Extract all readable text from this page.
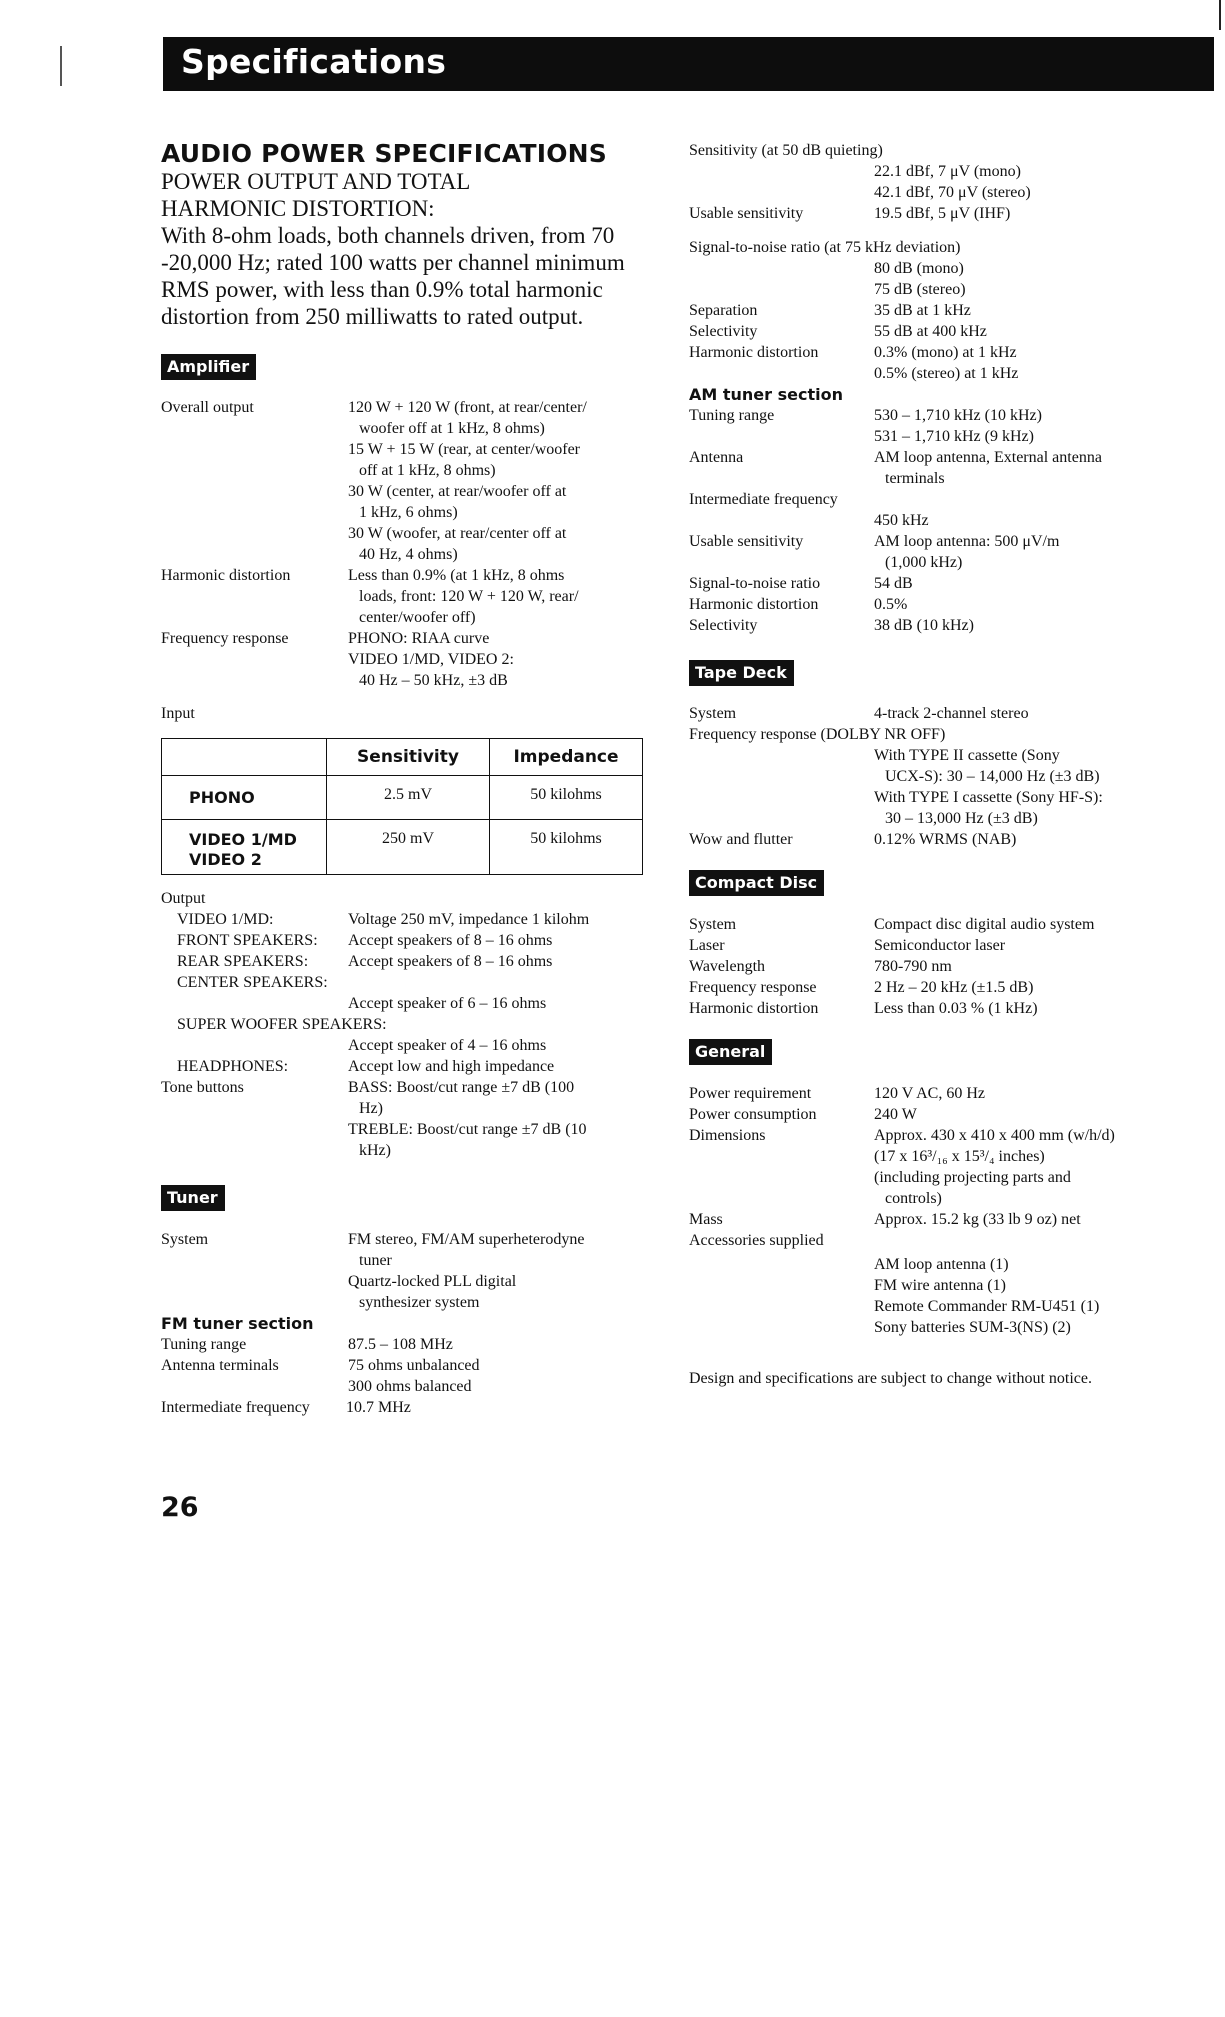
Specifications
AUDIO POWER SPECIFICATIONS
POWER OUTPUT AND TOTAL
HARMONIC DISTORTION:
With 8-ohm loads, both channels driven, from 70 -20,000 Hz; rated 100 watts per channel minimum RMS power, with less than 0.9% total harmonic distortion from 250 milliwatts to rated output.
Amplifier
Overall output	120 W + 120 W (front, at rear/center/
woofer off at 1 kHz, 8 ohms)
15 W + 15 W (rear, at center/woofer
off at 1 kHz, 8 ohms)
30 W (center, at rear/woofer off at
1 kHz, 6 ohms)
30 W (woofer, at rear/center off at
40 Hz, 4 ohms)
Harmonic distortion	Less than 0.9% (at 1 kHz, 8 ohms
loads, front: 120 W + 120 W, rear/
center/woofer off)
Frequency response	PHONO: RIAA curve
VIDEO 1/MD, VIDEO 2:
40 Hz – 50 kHz, ±3 dB
Input
	Sensitivity	Impedance
PHONO	2.5 mV	50 kilohms

VIDEO 1/MD
VIDEO 2	250 mV	50 kilohms
Output
VIDEO 1/MD:	Voltage 250 mV, impedance 1 kilohm
FRONT SPEAKERS: Accept speakers of 8 – 16 ohms
REAR SPEAKERS: Accept speakers of 8 – 16 ohms
CENTER SPEAKERS:
Accept speaker of 6 – 16 ohms
SUPER WOOFER SPEAKERS:
Accept speaker of 4 – 16 ohms
HEADPHONES:	Accept low and high impedance
Tone buttons	BASS: Boost/cut range ±7 dB (100
Hz)
TREBLE: Boost/cut range ±7 dB (10
kHz)
Tuner
System	FM stereo, FM/AM superheterodyne
tuner
Quartz-locked PLL digital
synthesizer system
FM tuner section
Tuning range	87.5 – 108 MHz
Antenna terminals	75 ohms unbalanced
300 ohms balanced
Intermediate frequency 10.7 MHz
26
Sensitivity (at 50 dB quieting)
22.1 dBf, 7 μV (mono)
42.1 dBf, 70 μV (stereo)
Usable sensitivity	19.5 dBf, 5 μV (IHF)
Signal-to-noise ratio (at 75 kHz deviation)
80 dB (mono)
75 dB (stereo)
Separation	35 dB at 1 kHz
Selectivity	55 dB at 400 kHz
Harmonic distortion	0.3% (mono) at 1 kHz
0.5% (stereo) at 1 kHz
AM tuner section
Tuning range	530 – 1,710 kHz (10 kHz)
531 – 1,710 kHz (9 kHz)
Antenna	AM loop antenna, External antenna
terminals
Intermediate frequency
450 kHz
Usable sensitivity	AM loop antenna: 500 μV/m
(1,000 kHz)
Signal-to-noise ratio	54 dB
Harmonic distortion	0.5%
Selectivity	38 dB (10 kHz)
Tape Deck
System	4-track 2-channel stereo
Frequency response (DOLBY NR OFF)
With TYPE II cassette (Sony
UCX-S): 30 – 14,000 Hz (±3 dB)
With TYPE I cassette (Sony HF-S):
30 – 13,000 Hz (±3 dB)
Wow and flutter	0.12% WRMS (NAB)
Compact Disc
System	Compact disc digital audio system
Laser	Semiconductor laser
Wavelength	780-790 nm
Frequency response	2 Hz – 20 kHz (±1.5 dB)
Harmonic distortion	Less than 0.03 % (1 kHz)
General
Power requirement	120 V AC, 60 Hz
Power consumption	240 W
Dimensions	Approx. 430 x 410 x 400 mm (w/h/d)
(17 x 16³/₁₆ x 15³/₄ inches)
(including projecting parts and
controls)
Mass	Approx. 15.2 kg (33 lb 9 oz) net
Accessories supplied
AM loop antenna (1)
FM wire antenna (1)
Remote Commander RM-U451 (1)
Sony batteries SUM-3(NS) (2)
Design and specifications are subject to change without notice.
